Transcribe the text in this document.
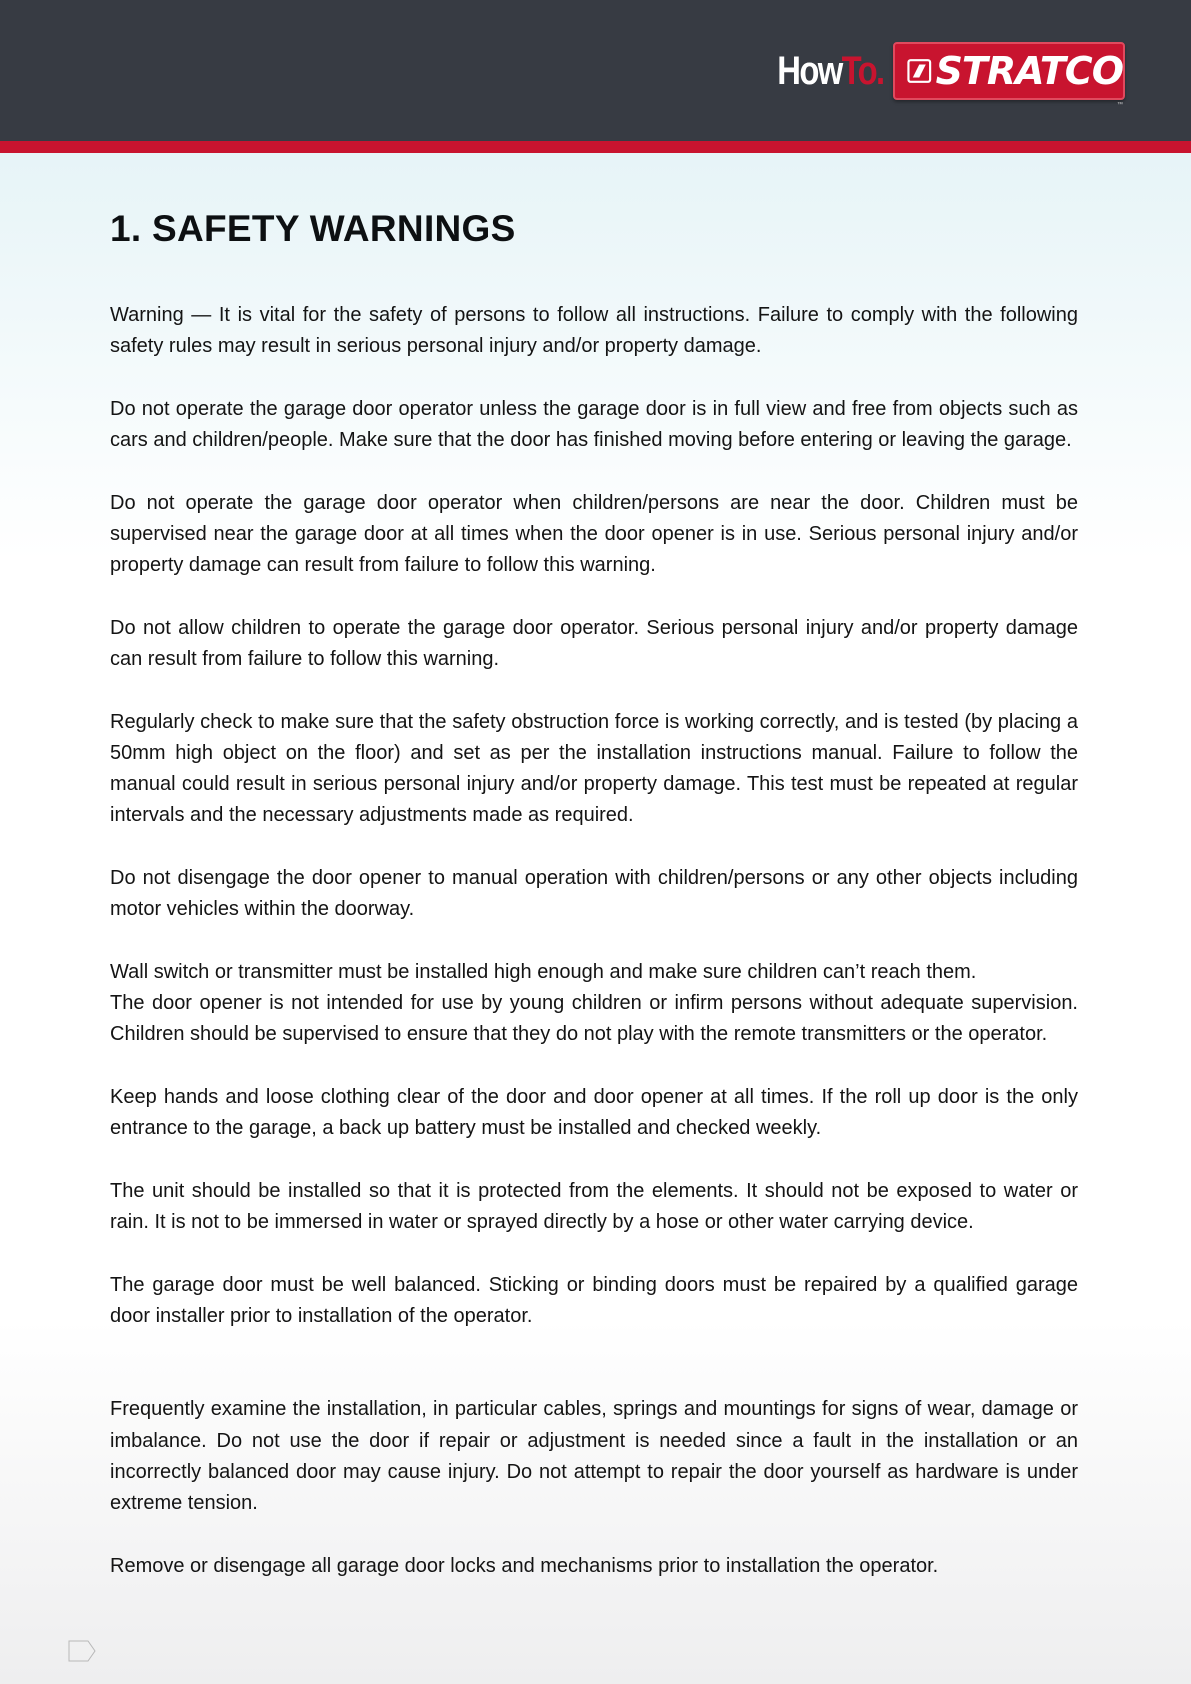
HowTo. STRATCO
™
1. SAFETY WARNINGS

Warning — It is vital for the safety of persons to follow all instructions. Failure to comply with the following safety rules may result in serious personal injury and/or property damage.

Do not operate the garage door operator unless the garage door is in full view and free from objects such as cars and children/people. Make sure that the door has finished moving before entering or leaving the garage.

Do not operate the garage door operator when children/persons are near the door. Children must be supervised near the garage door at all times when the door opener is in use. Serious personal injury and/or property damage can result from failure to follow this warning.

Do not allow children to operate the garage door operator. Serious personal injury and/or property damage can result from failure to follow this warning.

Regularly check to make sure that the safety obstruction force is working correctly, and is tested (by placing a 50mm high object on the floor) and set as per the installation instructions manual. Failure to follow the manual could result in serious personal injury and/or property damage. This test must be repeated at regular intervals and the necessary adjustments made as required.

Do not disengage the door opener to manual operation with children/persons or any other objects including motor vehicles within the doorway.

Wall switch or transmitter must be installed high enough and make sure children can’t reach them.

The door opener is not intended for use by young children or infirm persons without adequate supervision. Children should be supervised to ensure that they do not play with the remote transmitters or the operator.

Keep hands and loose clothing clear of the door and door opener at all times. If the roll up door is the only entrance to the garage, a back up battery must be installed and checked weekly.

The unit should be installed so that it is protected from the elements. It should not be exposed to water or rain. It is not to be immersed in water or sprayed directly by a hose or other water carrying device.

The garage door must be well balanced. Sticking or binding doors must be repaired by a qualified garage door installer prior to installation of the operator.

Frequently examine the installation, in particular cables, springs and mountings for signs of wear, damage or imbalance. Do not use the door if repair or adjustment is needed since a fault in the installation or an incorrectly balanced door may cause injury. Do not attempt to repair the door yourself as hardware is under extreme tension.

Remove or disengage all garage door locks and mechanisms prior to installation the operator.
